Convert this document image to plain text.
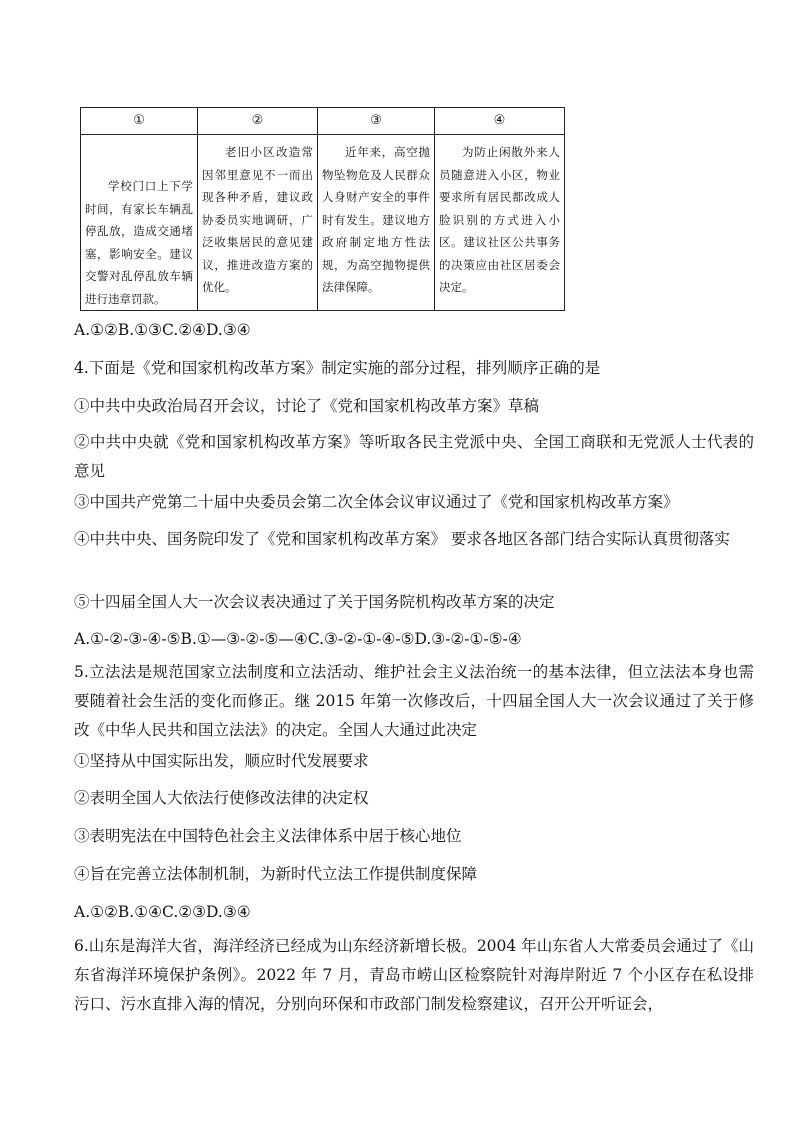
①	②	③	④

学校门口上下学时间，有家长车辆乱停乱放，造成交通堵塞，影响安全。建议交警对乱停乱放车辆进行违章罚款。	老旧小区改造常因邻里意见不一而出现各种矛盾，建议政协委员实地调研，广泛收集居民的意见建议，推进改造方案的优化。	近年来，高空抛物坠物危及人民群众人身财产安全的事件时有发生。建议地方政府制定地方性法规，为高空抛物提供法律保障。	为防止闲散外来人员随意进入小区，物业要求所有居民都改成人脸识别的方式进入小区。建议社区公共事务的决策应由社区居委会决定。
A.①②B.①③C.②④D.③④
4.下面是《党和国家机构改革方案》制定实施的部分过程，排列顺序正确的是
①中共中央政治局召开会议，讨论了《党和国家机构改革方案》草稿
②中共中央就《党和国家机构改革方案》等听取各民主党派中央、全国工商联和无党派人士代表的意见
③中国共产党第二十届中央委员会第二次全体会议审议通过了《党和国家机构改革方案》
④中共中央、国务院印发了《党和国家机构改革方案》 要求各地区各部门结合实际认真贯彻落实
⑤十四届全国人大一次会议表决通过了关于国务院机构改革方案的决定
A.①-②-③-④-⑤B.①—③-②-⑤—④C.③-②-①-④-⑤D.③-②-①-⑤-④
5.立法法是规范国家立法制度和立法活动、维护社会主义法治统一的基本法律，但立法法本身也需要随着社会生活的变化而修正。继 2015 年第一次修改后，十四届全国人大一次会议通过了关于修改《中华人民共和国立法法》的决定。全国人大通过此决定
①坚持从中国实际出发，顺应时代发展要求
②表明全国人大依法行使修改法律的决定权
③表明宪法在中国特色社会主义法律体系中居于核心地位
④旨在完善立法体制机制，为新时代立法工作提供制度保障
A.①②B.①④C.②③D.③④
6.山东是海洋大省，海洋经济已经成为山东经济新增长极。2004 年山东省人大常委员会通过了《山东省海洋环境保护条例》。2022 年 7 月，青岛市崂山区检察院针对海岸附近 7 个小区存在私设排污口、污水直排入海的情况，分别向环保和市政部门制发检察建议，召开公开听证会，
